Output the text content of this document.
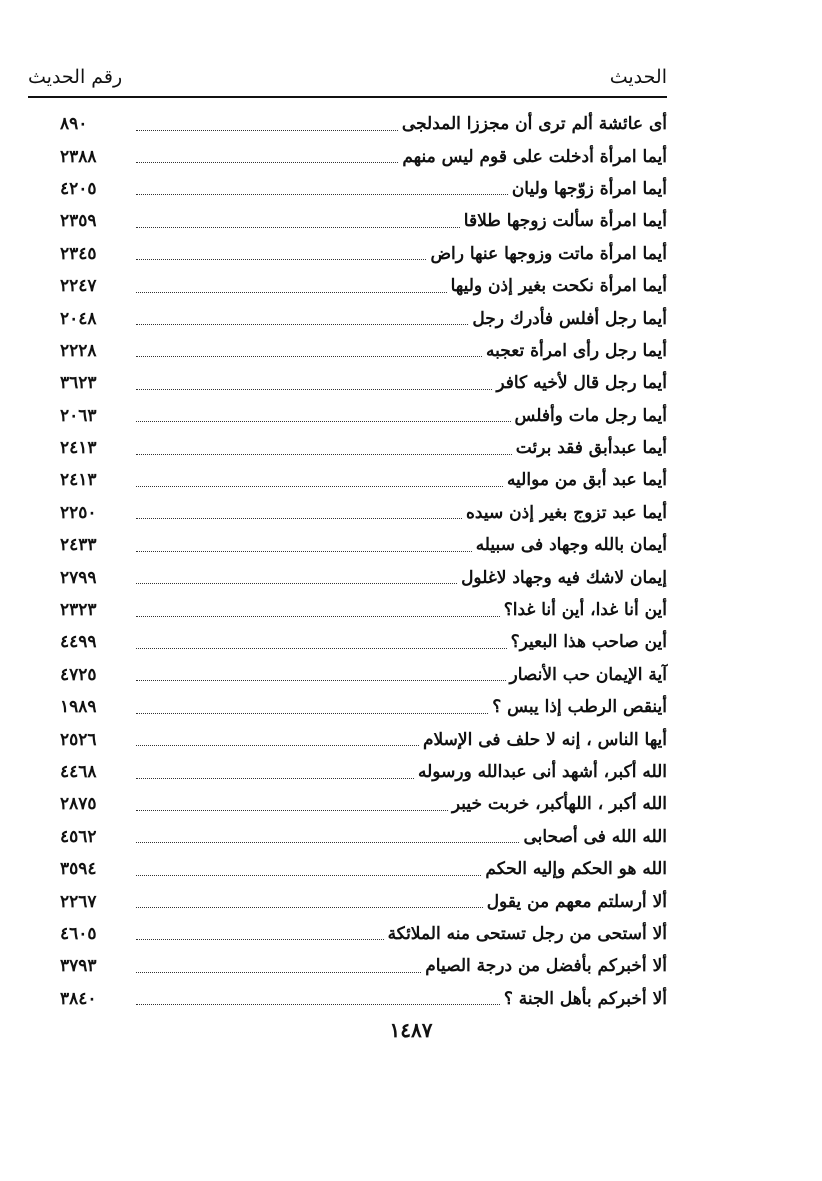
الحديث
رقم الحديث
أى عائشة ألم ترى أن مجززا المدلجى
٨٩٠
أيما امرأة أدخلت على قوم ليس منهم
٢٣٨٨
أيما امرأة زوّجها وليان
٤٢٠٥
أيما امرأة سألت زوجها طلاقا
٢٣٥٩
أيما امرأة ماتت وزوجها عنها راض
٢٣٤٥
أيما امرأة نكحت بغير إذن وليها
٢٢٤٧
أيما رجل أفلس فأدرك رجل
٢٠٤٨
أيما رجل رأى امرأة تعجبه
٢٢٢٨
أيما رجل قال لأخيه كافر
٣٦٢٣
أيما رجل مات وأفلس
٢٠٦٣
أيما عبدأبق فقد برئت
٢٤١٣
أيما عبد أبق من مواليه
٢٤١٣
أيما عبد تزوج بغير إذن سيده
٢٢٥٠
أيمان بالله وجهاد فى سبيله
٢٤٣٣
إيمان لاشك فيه وجهاد لاغلول
٢٧٩٩
أين أنا غدا، أين أنا غدا؟
٢٣٢٣
أين صاحب هذا البعير؟
٤٤٩٩
آية الإيمان حب الأنصار
٤٧٢٥
أينقص الرطب إذا يبس ؟
١٩٨٩
أيها الناس ، إنه لا حلف فى الإسلام
٢٥٢٦
الله أكبر، أشهد أنى عبدالله ورسوله
٤٤٦٨
الله أكبر ، اللهأكبر، خربت خيبر
٢٨٧٥
الله الله فى أصحابى
٤٥٦٢
الله هو الحكم وإليه الحكم
٣٥٩٤
ألا أرسلتم معهم من يقول
٢٢٦٧
ألا أستحى من رجل تستحى منه الملائكة
٤٦٠٥
ألا أخبركم بأفضل من درجة الصيام
٣٧٩٣
ألا أخبركم بأهل الجنة ؟
٣٨٤٠
١٤٨٧
